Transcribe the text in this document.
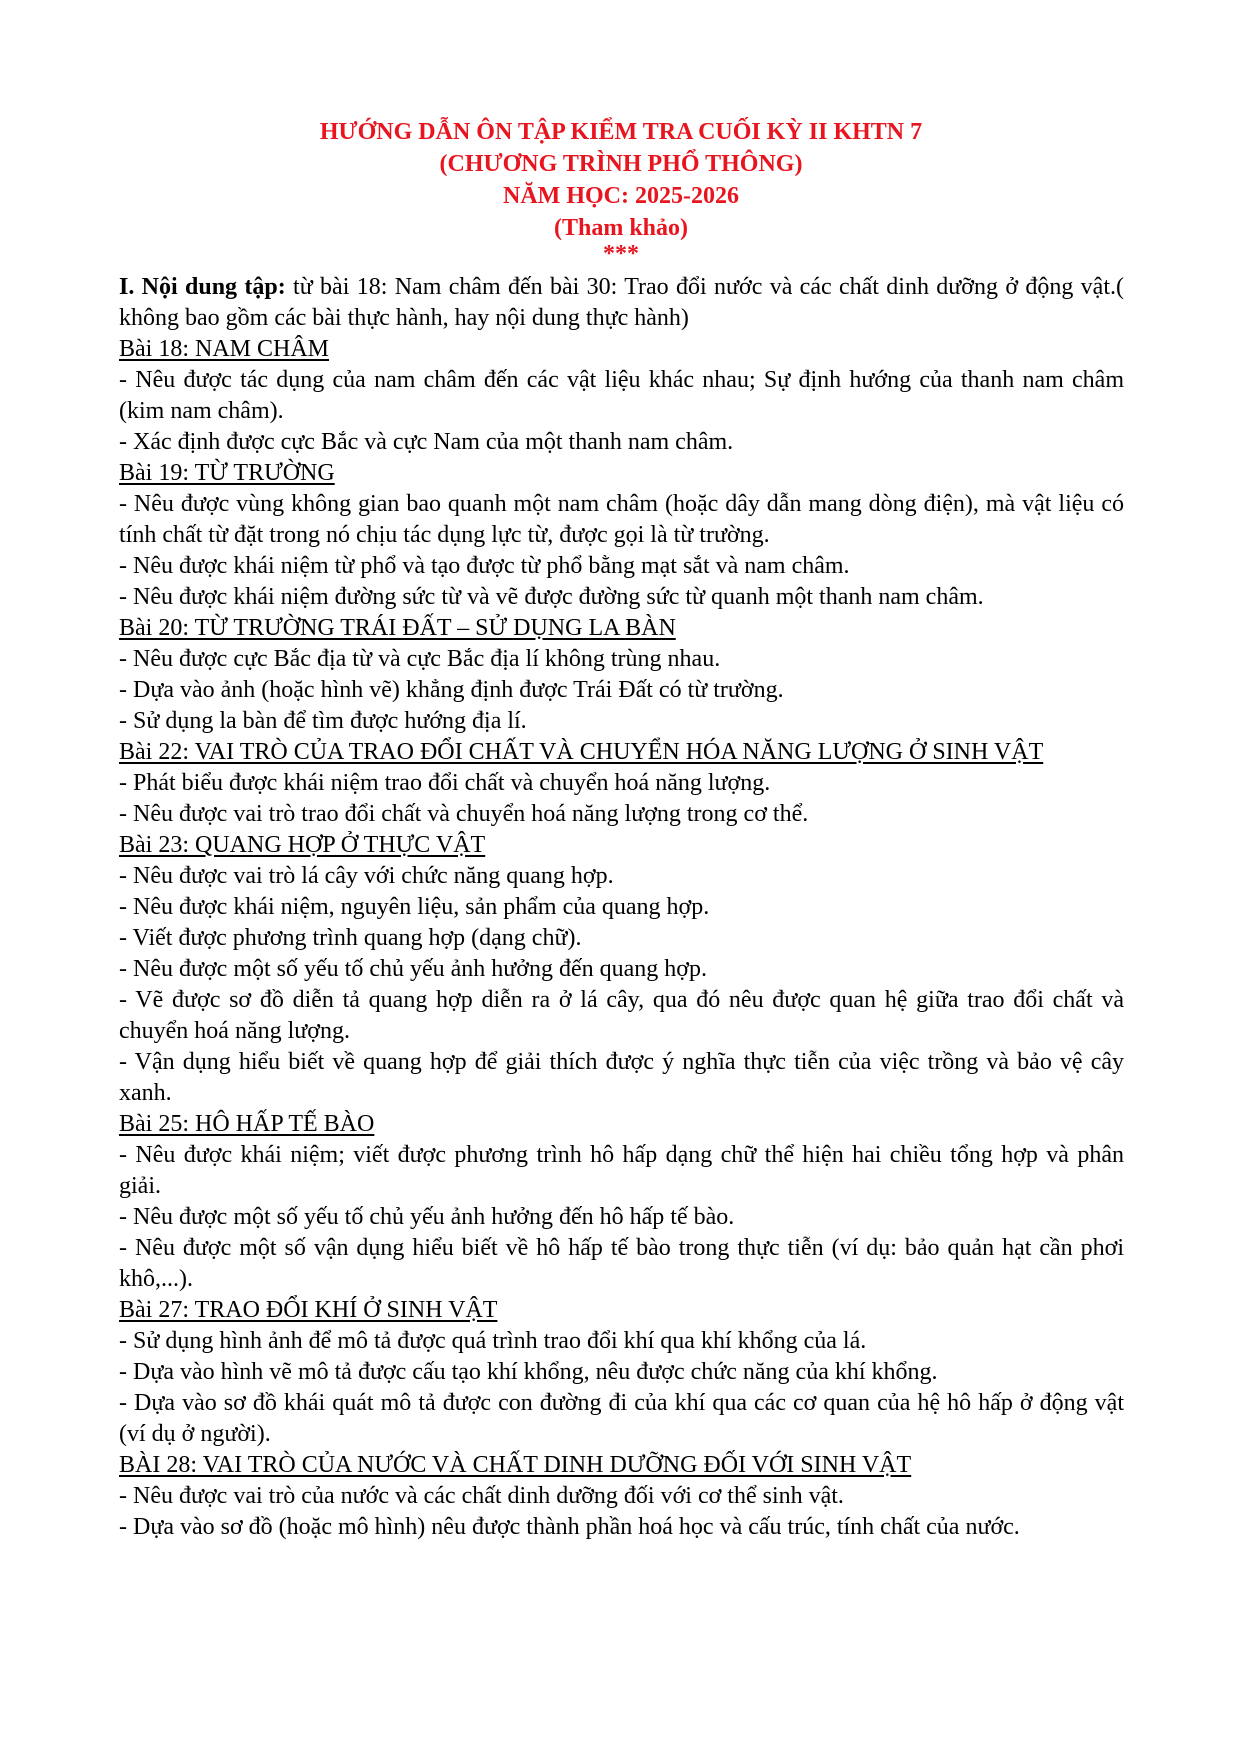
HƯỚNG DẪN ÔN TẬP KIỂM TRA CUỐI KỲ II KHTN 7
(CHƯƠNG TRÌNH PHỔ THÔNG)
NĂM HỌC: 2025-2026
(Tham khảo)
***
I. Nội dung tập: từ bài 18: Nam châm đến bài 30: Trao đổi nước và các chất dinh dưỡng ở động vật.( không bao gồm các bài thực hành, hay nội dung thực hành)
Bài 18: NAM CHÂM
- Nêu được tác dụng của nam châm đến các vật liệu khác nhau; Sự định hướng của thanh nam châm (kim nam châm).
- Xác định được cực Bắc và cực Nam của một thanh nam châm.
Bài 19: TỪ TRƯỜNG
- Nêu được vùng không gian bao quanh một nam châm (hoặc dây dẫn mang dòng điện), mà vật liệu có tính chất từ đặt trong nó chịu tác dụng lực từ, được gọi là từ trường.
- Nêu được khái niệm từ phổ và tạo được từ phổ bằng mạt sắt và nam châm.
- Nêu được khái niệm đường sức từ và vẽ được đường sức từ quanh một thanh nam châm.
Bài 20: TỪ TRƯỜNG TRÁI ĐẤT – SỬ DỤNG LA BÀN
- Nêu được cực Bắc địa từ và cực Bắc địa lí không trùng nhau.
- Dựa vào ảnh (hoặc hình vẽ) khẳng định được Trái Đất có từ trường.
- Sử dụng la bàn để tìm được hướng địa lí.
Bài 22: VAI TRÒ CỦA TRAO ĐỔI CHẤT VÀ CHUYỂN HÓA NĂNG LƯỢNG Ở SINH VẬT
- Phát biểu được khái niệm trao đổi chất và chuyển hoá năng lượng.
- Nêu được vai trò trao đổi chất và chuyển hoá năng lượng trong cơ thể.
Bài 23: QUANG HỢP Ở THỰC VẬT
- Nêu được vai trò lá cây với chức năng quang hợp.
- Nêu được khái niệm, nguyên liệu, sản phẩm của quang hợp.
- Viết được phương trình quang hợp (dạng chữ).
- Nêu được một số yếu tố chủ yếu ảnh hưởng đến quang hợp.
- Vẽ được sơ đồ diễn tả quang hợp diễn ra ở lá cây, qua đó nêu được quan hệ giữa trao đổi chất và chuyển hoá năng lượng.
- Vận dụng hiểu biết về quang hợp để giải thích được ý nghĩa thực tiễn của việc trồng và bảo vệ cây xanh.
Bài 25: HÔ HẤP TẾ BÀO
- Nêu được khái niệm; viết được phương trình hô hấp dạng chữ thể hiện hai chiều tổng hợp và phân giải.
- Nêu được một số yếu tố chủ yếu ảnh hưởng đến hô hấp tế bào.
- Nêu được một số vận dụng hiểu biết về hô hấp tế bào trong thực tiễn (ví dụ: bảo quản hạt cần phơi khô,...).
Bài 27: TRAO ĐỔI KHÍ Ở SINH VẬT
- Sử dụng hình ảnh để mô tả được quá trình trao đổi khí qua khí khổng của lá.
- Dựa vào hình vẽ mô tả được cấu tạo khí khổng, nêu được chức năng của khí khổng.
- Dựa vào sơ đồ khái quát mô tả được con đường đi của khí qua các cơ quan của hệ hô hấp ở động vật (ví dụ ở người).
BÀI 28: VAI TRÒ CỦA NƯỚC VÀ CHẤT DINH DƯỠNG ĐỐI VỚI SINH VẬT
- Nêu được vai trò của nước và các chất dinh dưỡng đối với cơ thể sinh vật.
- Dựa vào sơ đồ (hoặc mô hình) nêu được thành phần hoá học và cấu trúc, tính chất của nước.
